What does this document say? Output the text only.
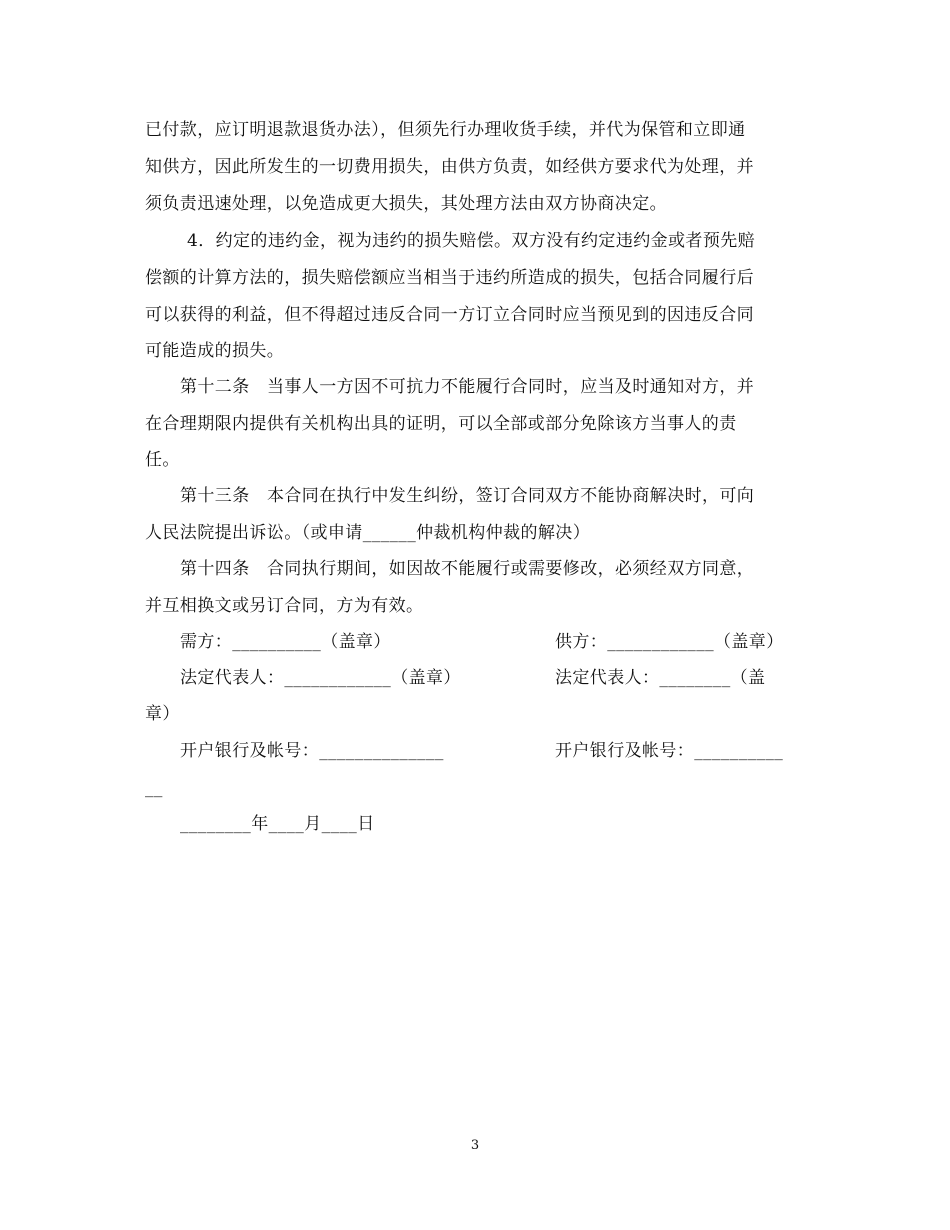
已付款，应订明退款退货办法），但须先行办理收货手续，并代为保管和立即通
知供方，因此所发生的一切费用损失，由供方负责，如经供方要求代为处理，并
须负责迅速处理，以免造成更大损失，其处理方法由双方协商决定。
4．约定的违约金，视为违约的损失赔偿。双方没有约定违约金或者预先赔
偿额的计算方法的，损失赔偿额应当相当于违约所造成的损失，包括合同履行后
可以获得的利益，但不得超过违反合同一方订立合同时应当预见到的因违反合同
可能造成的损失。
第十二条　当事人一方因不可抗力不能履行合同时，应当及时通知对方，并
在合理期限内提供有关机构出具的证明，可以全部或部分免除该方当事人的责
任。
第十三条　本合同在执行中发生纠纷，签订合同双方不能协商解决时，可向
人民法院提出诉讼。（或申请______仲裁机构仲裁的解决）
第十四条　合同执行期间，如因故不能履行或需要修改，必须经双方同意，
并互相换文或另订合同，方为有效。
需方：__________（盖章）	供方：____________（盖章）
法定代表人：____________（盖章）	法定代表人：________（盖
章）
开户银行及帐号：______________	开户银行及帐号：__________
__
________年____月____日
3
